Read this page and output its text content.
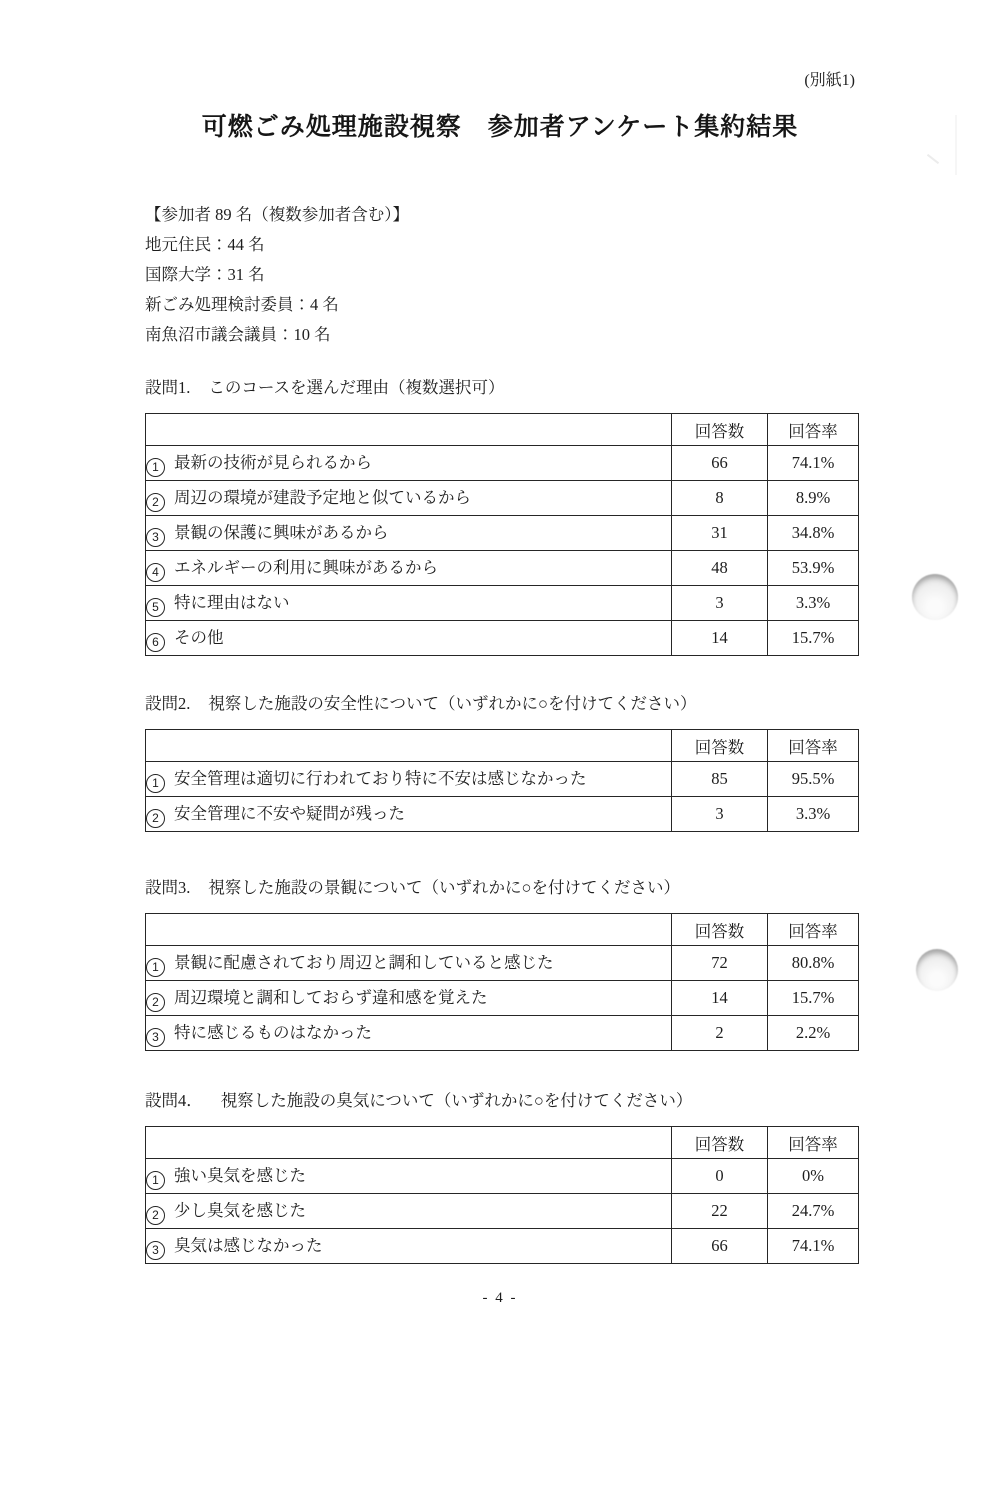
(別紙1)
可燃ごみ処理施設視察　参加者アンケート集約結果

【参加者 89 名（複数参加者含む）】

地元住民：44 名

国際大学：31 名

新ごみ処理検討委員：4 名

南魚沼市議会議員：10 名

設問1. このコースを選んだ理由（複数選択可）

	回答数	回答率
1 最新の技術が見られるから	66	74.1%
2 周辺の環境が建設予定地と似ているから	8	8.9%
3 景観の保護に興味があるから	31	34.8%
4 エネルギーの利用に興味があるから	48	53.9%
5 特に理由はない	3	3.3%
6 その他	14	15.7%

設問2. 視察した施設の安全性について（いずれかに○を付けてください）

	回答数	回答率
1 安全管理は適切に行われており特に不安は感じなかった	85	95.5%
2 安全管理に不安や疑問が残った	3	3.3%

設問3. 視察した施設の景観について（いずれかに○を付けてください）

	回答数	回答率
1 景観に配慮されており周辺と調和していると感じた	72	80.8%
2 周辺環境と調和しておらず違和感を覚えた	14	15.7%
3 特に感じるものはなかった	2	2.2%

設問4． 視察した施設の臭気について（いずれかに○を付けてください）

	回答数	回答率
1 強い臭気を感じた	0	0%
2 少し臭気を感じた	22	24.7%
3 臭気は感じなかった	66	74.1%
- 4 -
